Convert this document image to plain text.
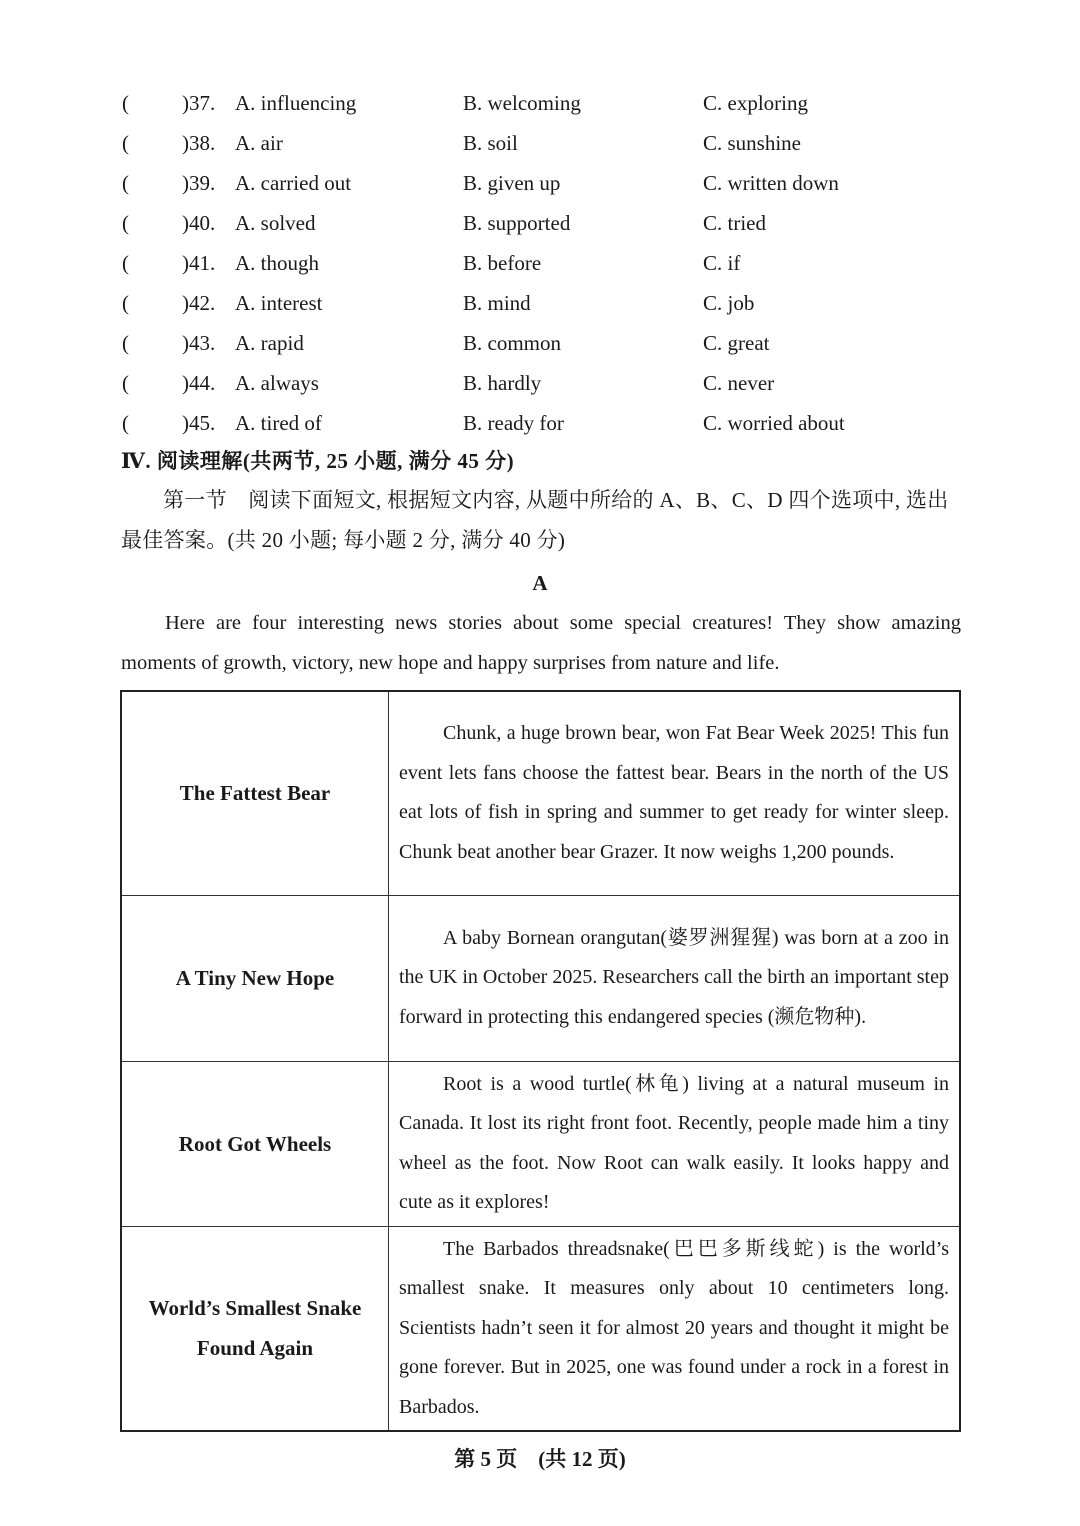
(	)37. A. influencing	B. welcoming	C. exploring
(	)38. A. air	B. soil	C. sunshine
(	)39. A. carried out	B. given up	C. written down
(	)40. A. solved	B. supported	C. tried
(	)41. A. though	B. before	C. if
(	)42. A. interest	B. mind	C. job
(	)43. A. rapid	B. common	C. great
(	)44. A. always	B. hardly	C. never
(	)45. A. tired of	B. ready for	C. worried about
Ⅳ. 阅读理解(共两节, 25 小题, 满分 45 分)
第一节　阅读下面短文, 根据短文内容, 从题中所给的 A、B、C、D 四个选项中, 选出最佳答案。(共 20 小题; 每小题 2 分, 满分 40 分)
A
Here are four interesting news stories about some special creatures! They show amazing moments of growth, victory, new hope and happy surprises from nature and life.
The Fattest Bear	Chunk, a huge brown bear, won Fat Bear Week 2025! This fun event lets fans choose the fattest bear. Bears in the north of the US eat lots of fish in spring and summer to get ready for winter sleep. Chunk beat another bear Grazer. It now weighs 1,200 pounds.
A Tiny New Hope	A baby Bornean orangutan(婆罗洲猩猩) was born at a zoo in the UK in October 2025. Researchers call the birth an important step forward in protecting this endangered species (濒危物种).
Root Got Wheels	Root is a wood turtle(林龟) living at a natural museum in Canada. It lost its right front foot. Recently, people made him a tiny wheel as the foot. Now Root can walk easily. It looks happy and cute as it explores!
World’s Smallest Snake Found Again	The Barbados threadsnake(巴巴多斯线蛇) is the world’s smallest snake. It measures only about 10 centimeters long. Scientists hadn’t seen it for almost 20 years and thought it might be gone forever. But in 2025, one was found under a rock in a forest in Barbados.
第 5 页　(共 12 页)
